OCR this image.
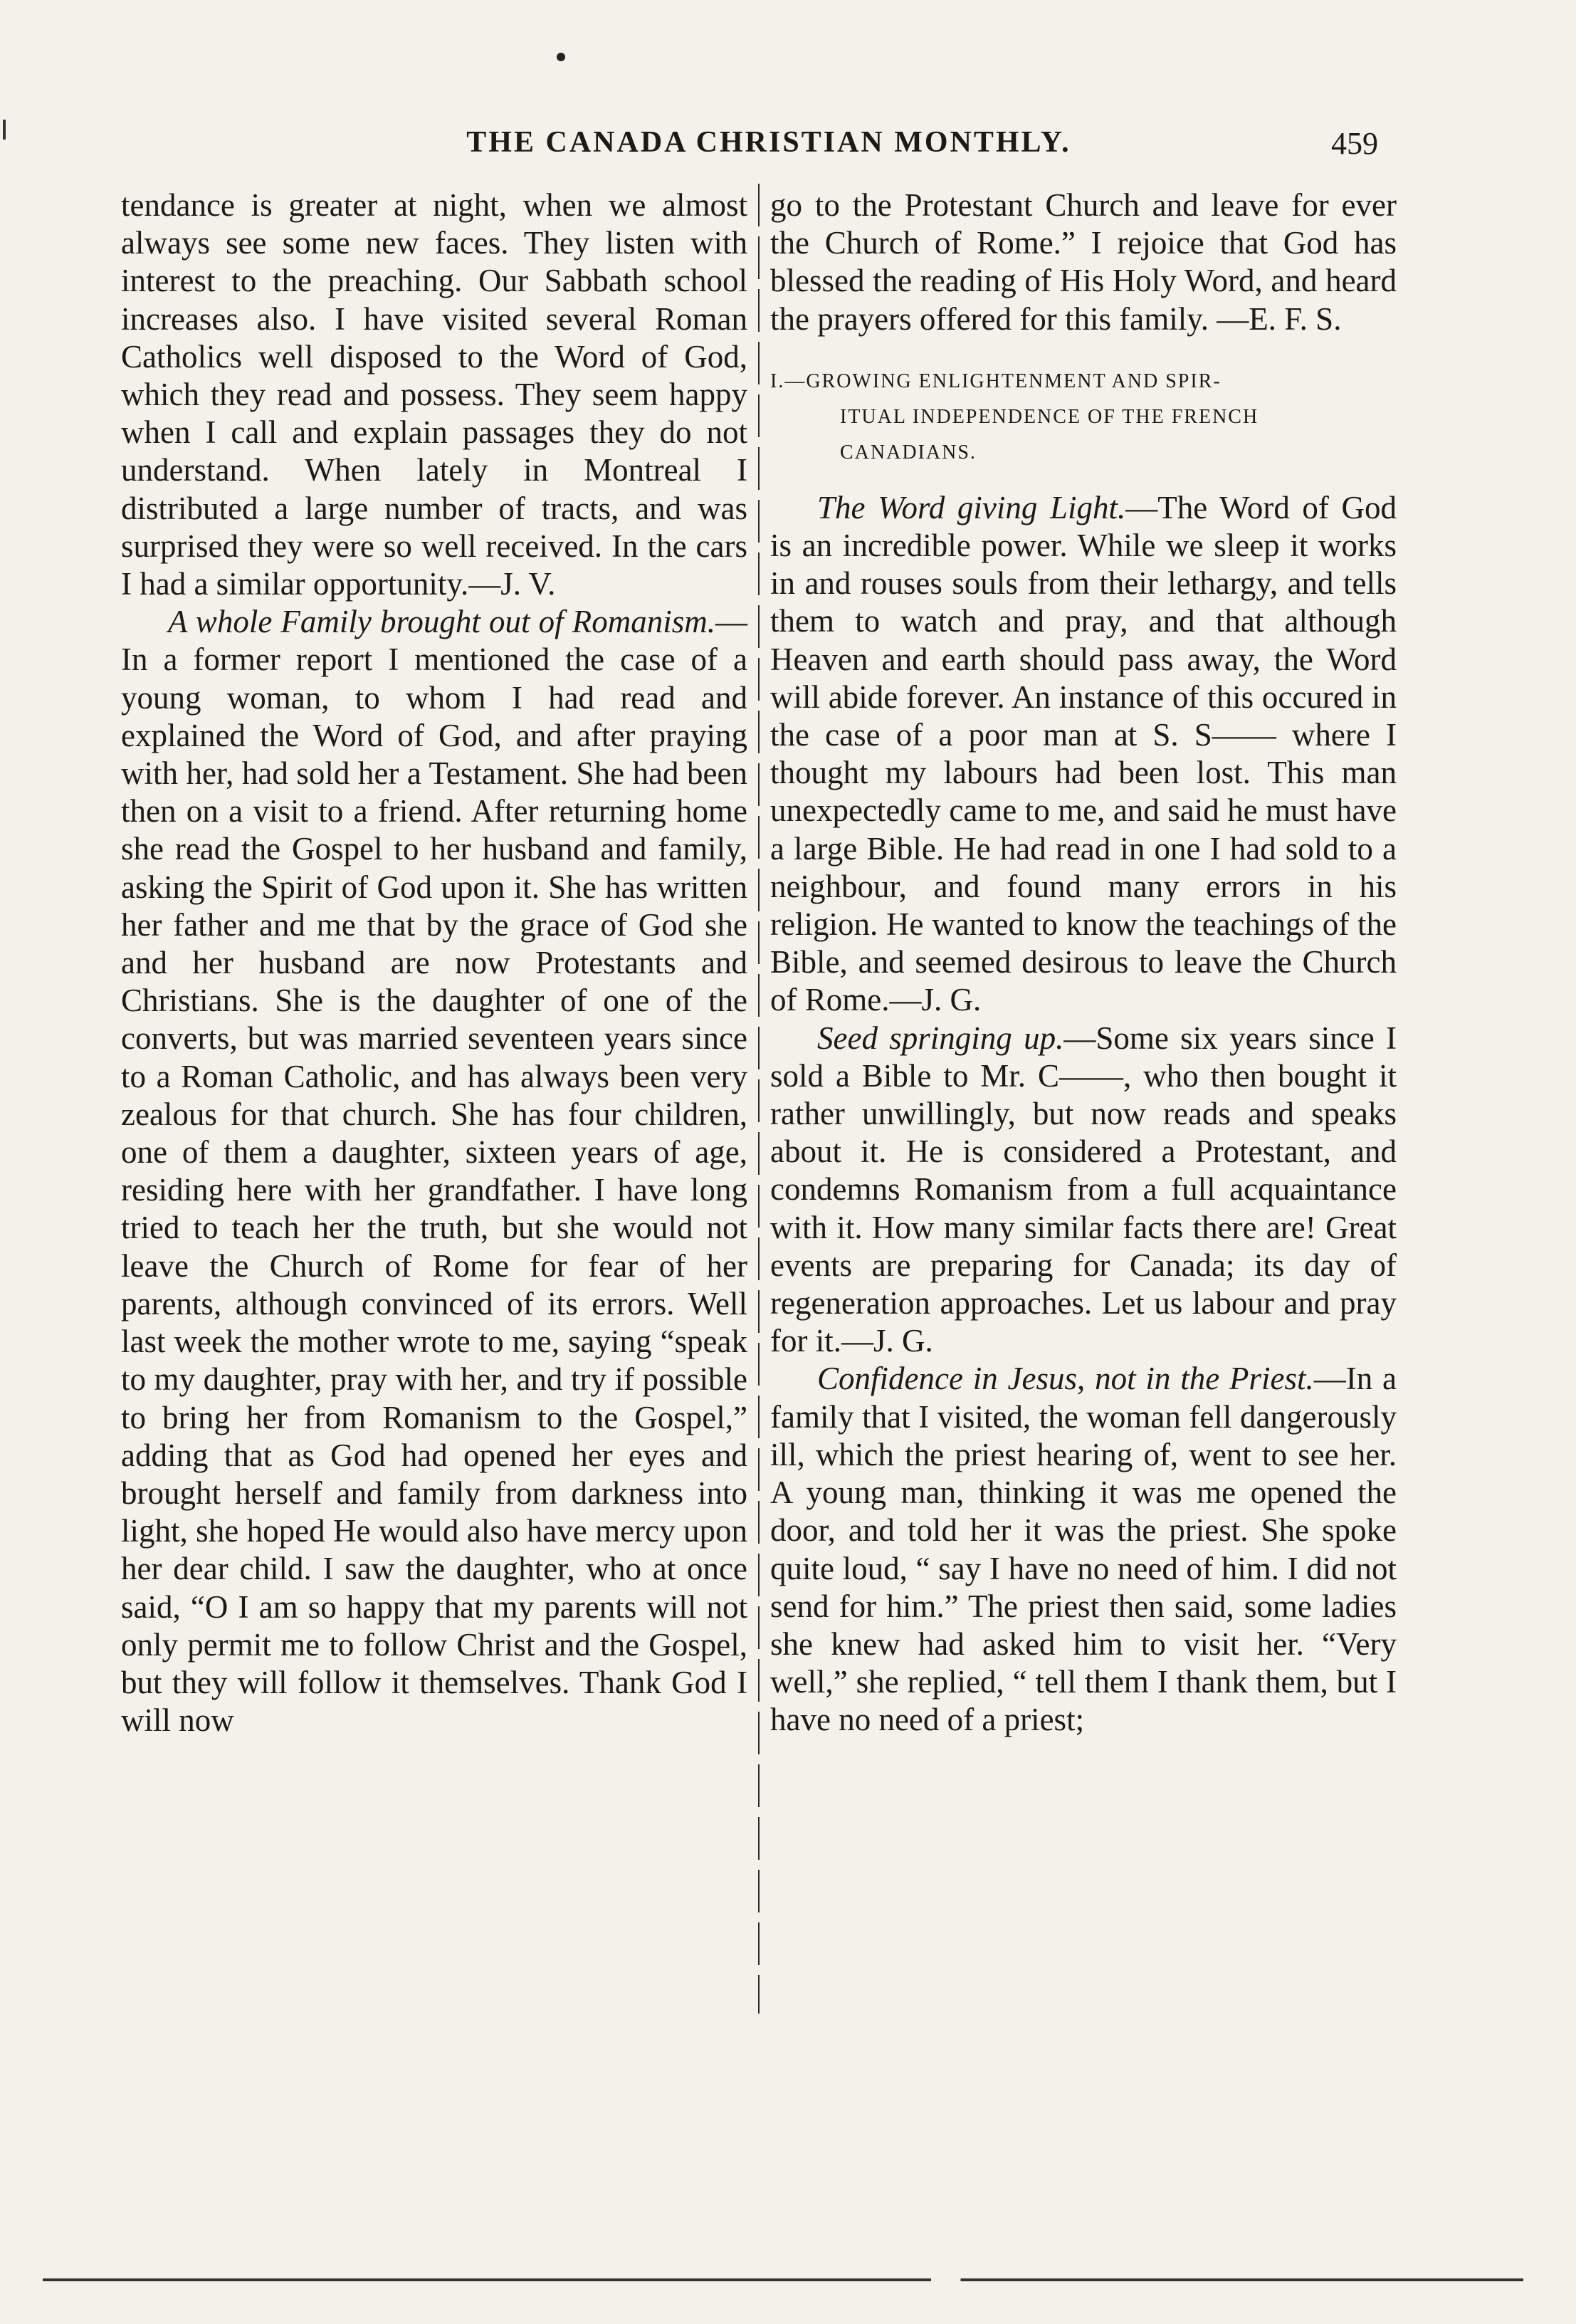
THE CANADA CHRISTIAN MONTHLY.	459

tendance is greater at night, when we almost always see some new faces. They listen with interest to the preaching. Our Sabbath school increases also. I have visited several Roman Catholics well disposed to the Word of God, which they read and possess. They seem happy when I call and explain passages they do not understand. When lately in Montreal I distributed a large number of tracts, and was surprised they were so well received. In the cars I had a similar opportunity.—J. V.

A whole Family brought out of Romanism.—In a former report I mentioned the case of a young woman, to whom I had read and explained the Word of God, and after praying with her, had sold her a Testament. She had been then on a visit to a friend. After returning home she read the Gospel to her husband and family, asking the Spirit of God upon it. She has written her father and me that by the grace of God she and her husband are now Protestants and Christians. She is the daughter of one of the converts, but was married seventeen years since to a Roman Catholic, and has always been very zealous for that church. She has four children, one of them a daughter, sixteen years of age, residing here with her grandfather. I have long tried to teach her the truth, but she would not leave the Church of Rome for fear of her parents, although convinced of its errors. Well last week the mother wrote to me, saying “speak to my daughter, pray with her, and try if possible to bring her from Romanism to the Gospel,” adding that as God had opened her eyes and brought herself and family from darkness into light, she hoped He would also have mercy upon her dear child. I saw the daughter, who at once said, “O I am so happy that my parents will not only permit me to follow Christ and the Gospel, but they will follow it themselves. Thank God I will now

go to the Protestant Church and leave for ever the Church of Rome.” I rejoice that God has blessed the reading of His Holy Word, and heard the prayers offered for this family. —E. F. S.

I.—GROWING ENLIGHTENMENT AND SPIR-
ITUAL INDEPENDENCE OF THE FRENCH
CANADIANS.

The Word giving Light.—The Word of God is an incredible power. While we sleep it works in and rouses souls from their lethargy, and tells them to watch and pray, and that although Heaven and earth should pass away, the Word will abide forever. An instance of this occured in the case of a poor man at S. S—— where I thought my labours had been lost. This man unexpectedly came to me, and said he must have a large Bible. He had read in one I had sold to a neighbour, and found many errors in his religion. He wanted to know the teachings of the Bible, and seemed desirous to leave the Church of Rome.—J. G.

Seed springing up.—Some six years since I sold a Bible to Mr. C——, who then bought it rather unwillingly, but now reads and speaks about it. He is considered a Protestant, and condemns Romanism from a full acquaintance with it. How many similar facts there are! Great events are preparing for Canada; its day of regeneration approaches. Let us labour and pray for it.—J. G.

Confidence in Jesus, not in the Priest.—In a family that I visited, the woman fell dangerously ill, which the priest hearing of, went to see her. A young man, thinking it was me opened the door, and told her it was the priest. She spoke quite loud, “ say I have no need of him. I did not send for him.” The priest then said, some ladies she knew had asked him to visit her. “Very well,” she replied, “ tell them I thank them, but I have no need of a priest;
